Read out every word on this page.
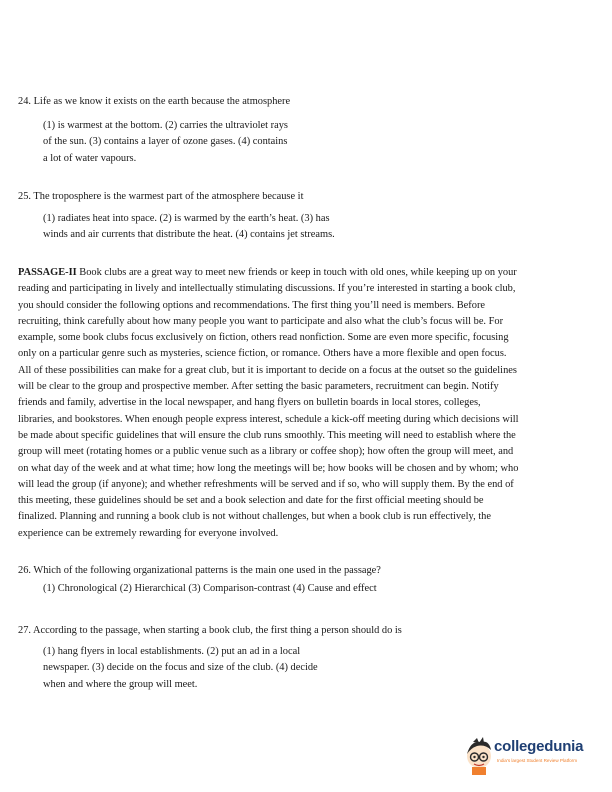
24. Life as we know it exists on the earth because the atmosphere
(1) is warmest at the bottom. (2) carries the ultraviolet rays
of the sun. (3) contains a layer of ozone gases. (4) contains
a lot of water vapours.
25. The troposphere is the warmest part of the atmosphere because it
(1) radiates heat into space. (2) is warmed by the earth’s heat. (3) has
winds and air currents that distribute the heat. (4) contains jet streams.
PASSAGE-II Book clubs are a great way to meet new friends or keep in touch with old ones, while keeping up on your
reading and participating in lively and intellectually stimulating discussions. If you’re interested in starting a book club,
you should consider the following options and recommendations. The first thing you’ll need is members. Before
recruiting, think carefully about how many people you want to participate and also what the club’s focus will be. For
example, some book clubs focus exclusively on fiction, others read nonfiction. Some are even more specific, focusing
only on a particular genre such as mysteries, science fiction, or romance. Others have a more flexible and open focus.
All of these possibilities can make for a great club, but it is important to decide on a focus at the outset so the guidelines
will be clear to the group and prospective member. After setting the basic parameters, recruitment can begin. Notify
friends and family, advertise in the local newspaper, and hang flyers on bulletin boards in local stores, colleges,
libraries, and bookstores. When enough people express interest, schedule a kick-off meeting during which decisions will
be made about specific guidelines that will ensure the club runs smoothly. This meeting will need to establish where the
group will meet (rotating homes or a public venue such as a library or coffee shop); how often the group will meet, and
on what day of the week and at what time; how long the meetings will be; how books will be chosen and by whom; who
will lead the group (if anyone); and whether refreshments will be served and if so, who will supply them. By the end of
this meeting, these guidelines should be set and a book selection and date for the first official meeting should be
finalized. Planning and running a book club is not without challenges, but when a book club is run effectively, the
experience can be extremely rewarding for everyone involved.
26. Which of the following organizational patterns is the main one used in the passage?
(1) Chronological (2) Hierarchical (3) Comparison-contrast (4) Cause and effect
27. According to the passage, when starting a book club, the first thing a person should do is
(1) hang flyers in local establishments. (2) put an ad in a local
newspaper. (3) decide on the focus and size of the club. (4) decide
when and where the group will meet.
collegedunia
India's largest Student Review Platform
